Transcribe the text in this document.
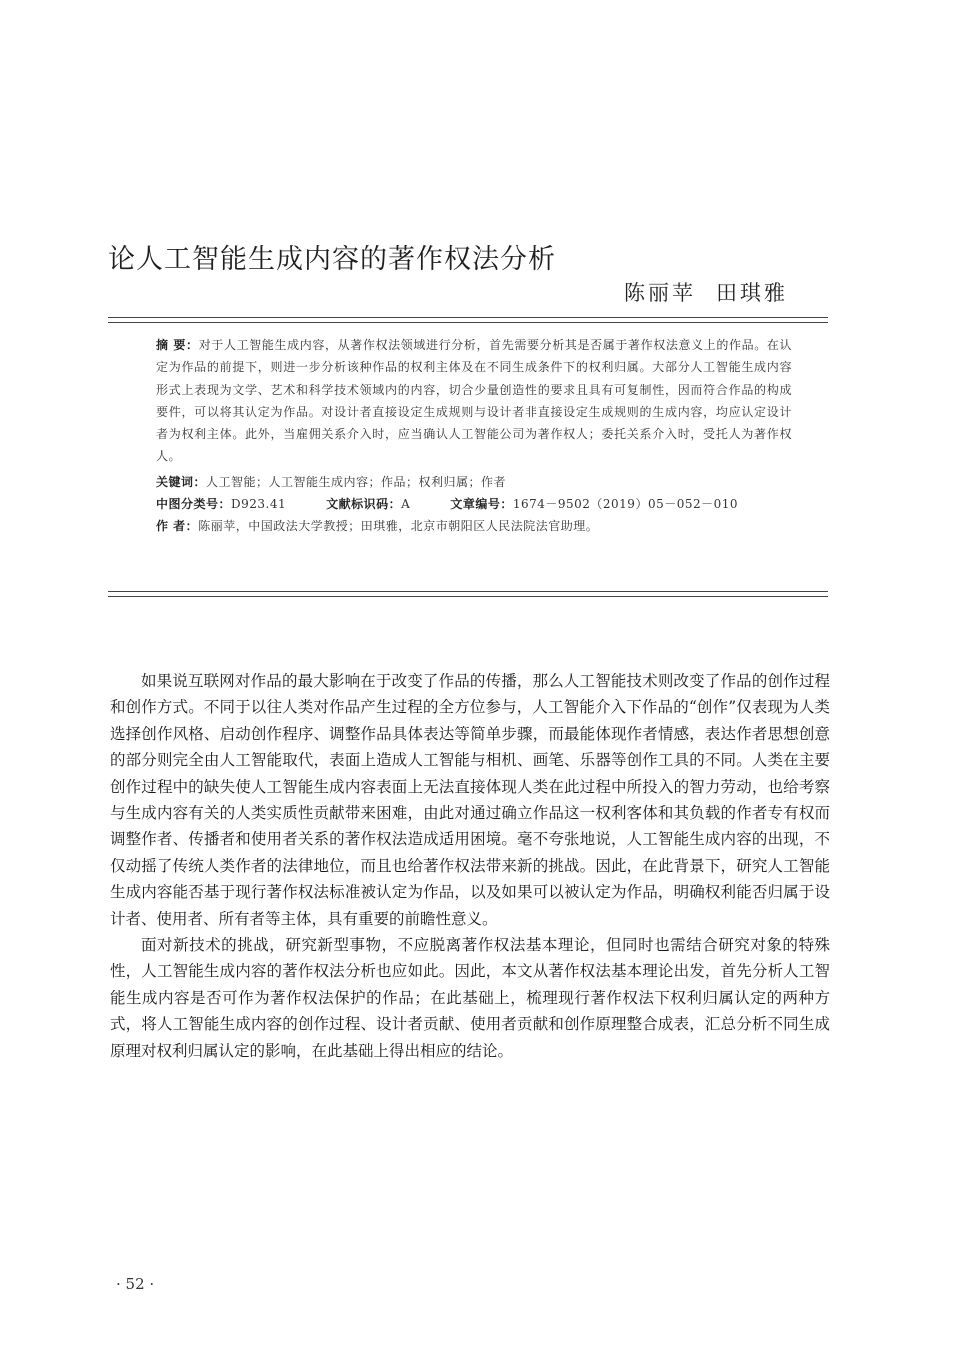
论人工智能生成内容的著作权法分析
陈丽苹 田琪雅

摘 要：对于人工智能生成内容，从著作权法领域进行分析，首先需要分析其是否属于著作权法意义上的作品。在认定为作品的前提下，则进一步分析该种作品的权利主体及在不同生成条件下的权利归属。大部分人工智能生成内容形式上表现为文学、艺术和科学技术领域内的内容，切合少量创造性的要求且具有可复制性，因而符合作品的构成要件，可以将其认定为作品。对设计者直接设定生成规则与设计者非直接设定生成规则的生成内容，均应认定设计者为权利主体。此外，当雇佣关系介入时，应当确认人工智能公司为著作权人；委托关系介入时，受托人为著作权人。

关键词：人工智能；人工智能生成内容；作品；权利归属；作者

中图分类号：D923.41	文献标识码：A	文章编号：1674－9502（2019）05－052－010

作 者：陈丽苹，中国政法大学教授；田琪雅，北京市朝阳区人民法院法官助理。

如果说互联网对作品的最大影响在于改变了作品的传播，那么人工智能技术则改变了作品的创作过程和创作方式。不同于以往人类对作品产生过程的全方位参与，人工智能介入下作品的“创作”仅表现为人类选择创作风格、启动创作程序、调整作品具体表达等简单步骤，而最能体现作者情感，表达作者思想创意的部分则完全由人工智能取代，表面上造成人工智能与相机、画笔、乐器等创作工具的不同。人类在主要创作过程中的缺失使人工智能生成内容表面上无法直接体现人类在此过程中所投入的智力劳动，也给考察与生成内容有关的人类实质性贡献带来困难，由此对通过确立作品这一权利客体和其负载的作者专有权而调整作者、传播者和使用者关系的著作权法造成适用困境。毫不夸张地说，人工智能生成内容的出现，不仅动摇了传统人类作者的法律地位，而且也给著作权法带来新的挑战。因此，在此背景下，研究人工智能生成内容能否基于现行著作权法标准被认定为作品，以及如果可以被认定为作品，明确权利能否归属于设计者、使用者、所有者等主体，具有重要的前瞻性意义。

面对新技术的挑战，研究新型事物，不应脱离著作权法基本理论，但同时也需结合研究对象的特殊性，人工智能生成内容的著作权法分析也应如此。因此，本文从著作权法基本理论出发，首先分析人工智能生成内容是否可作为著作权法保护的作品；在此基础上，梳理现行著作权法下权利归属认定的两种方式，将人工智能生成内容的创作过程、设计者贡献、使用者贡献和创作原理整合成表，汇总分析不同生成原理对权利归属认定的影响，在此基础上得出相应的结论。

· 52 ·
